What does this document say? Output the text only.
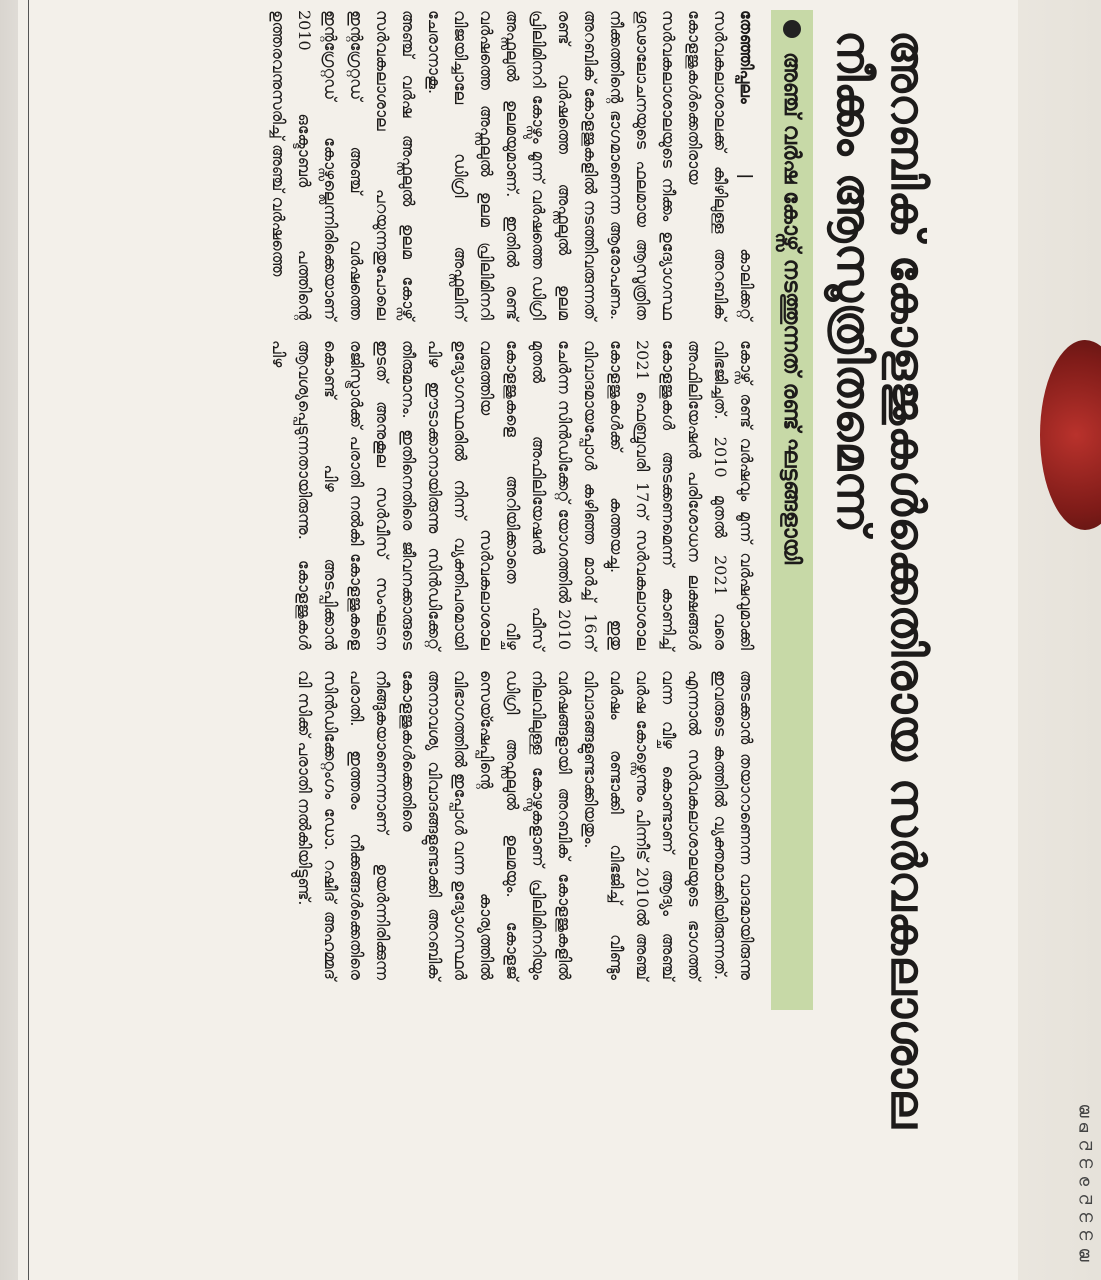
അറബിക് കോളജുകൾക്കെതിരായ സർവകലാശാല നീക്കം ആസൂത്രിതമെന്ന്
അഞ്ച് വർഷ കോഴ്സ് നടത്തുന്നത് രണ്ട് ഘട്ടങ്ങളായി

തേഞ്ഞിപ്പലം | കാലിക്കറ്റ് സർവകലാശാലക്ക് കീഴിലുള്ള അറബിക് കോളജുകൾക്കെതിരായ സർവകലാശാലയുടെ നീക്കം ഉദ്യോഗസ്ഥ ഗൂഢാലോചനയുടെ ഫലമായ ആസൂത്രിത നീക്കത്തിന്റെ ഭാഗമാണെന്ന ആരോപണം. അറബിക് കോളജുകളിൽ നടത്തിവരുന്നത് രണ്ട് വർഷത്തെ അഫ്സലുൽ ഉലമ പ്രിലിമിനറി കോഴ്സും മൂന്ന് വർഷത്തെ ഡിഗ്രി അഫ്സലുൽ ഉലമയുമാണ്. ഇതിൽ രണ്ട് വർഷത്തെ അഫ്സലുൽ ഉലമ പ്രിലിമിനറി വിജയിച്ചാലേ ഡിഗ്രി അഫ്സലിന് ചേരാനാകൂ.

അഞ്ച് വർഷ അഫ്സലുൽ ഉലമ കോഴ്സ് സർവകലാശാല പറയുന്നതുപോലെ ഇന്റഗ്രേറ്റഡ് അഞ്ച് വർഷത്തെ ഇന്റഗ്രേറ്റഡ് കോഴ്സല്ലെന്നിരിക്കെയാണ് 2010 ഒക്ടോബർ പത്തിന്റെ ഉത്തരവനുസരിച്ച് അഞ്ച് വർഷത്തെ

കോഴ്സ് രണ്ട് വർഷവും മൂന്ന് വർഷവുമാക്കി വിഭജിച്ചത്. 2010 മുതൽ 2021 വരെ അഫിലിയേഷൻ പരിശോധന ലക്ഷങ്ങൾ കോളജുകൾ അടക്കണമെന്ന് കാണിച്ച് 2021 ഫെബ്രുവരി 17ന് സർവകലാശാല കോളജുകൾക്ക് കത്തയച്ചു. ഇതു വിവാദമായപ്പോൾ കഴിഞ്ഞ മാർച്ച് 16ന് ചേർന്ന സിൻഡിക്കേറ്റ് യോഗത്തിൽ 2010 മുതൽ അഫിലിയേഷൻ ഫീസ് കോളജുകളെ അറിയിക്കാതെ വീഴ്ച വരുത്തിയ സർവകലാശാല ഉദ്യോഗസ്ഥരിൽ നിന്ന് വ്യക്തിപരമായി പിഴ ഈടാക്കാനായിരുന്നു സിൻഡിക്കേറ്റ് തീരുമാനം. ഇതിനെതിരെ ജീവനക്കാരുടെ ഇടത് അനുകൂല സർവീസ് സംഘടന രജിസ്ട്രാർക്ക് പരാതി നൽകി കോളജുകളെ കൊണ്ട് പിഴ അടപ്പിക്കാൻ ആവശ്യപ്പെടുന്നതായിരുന്നു. കോളജുകൾ പിഴ

അടക്കാൻ തയാറാണെന്ന വാദമായിരുന്നു ഇവരുടെ കത്തിൽ വ്യക്തമാക്കിയിരുന്നത്. എന്നാൽ സർവകലാശാലയുടെ ഭാഗത്ത് വന്ന വീഴ്ച കൊണ്ടാണ് ആദ്യം അഞ്ച് വർഷ കോഴ്സെന്നും പിന്നീട് 2010ൽ അഞ്ച് വർഷം രണ്ടാക്കി വിഭജിച്ച് വീണ്ടും വിവാദങ്ങളുണ്ടാക്കിയതും.

വർഷങ്ങളായി അറബിക് കോളജുകളിൽ നിലവിലുള്ള കോഴ്സുകളാണ് പ്രിലിമിനറിയും ഡിഗ്രി അഫ്സലുൽ ഉലമയും. കോളജ് സെയ്ഷേപ്പിന്റെ കാര്യത്തിൽ വിഭാഗത്തിൽ ഇപ്പോൾ വന്ന ഉദ്യോഗസ്ഥർ അനാവശ്യ വിവാദങ്ങളുണ്ടാക്കി അറബിക് കോളജുകൾക്കെതിരെ നീങ്ങുകയാണെന്നാണ് ഉയർന്നിരിക്കുന്ന പരാതി. ഇത്തരം നീക്കങ്ങൾക്കെതിരെ സിൻഡിക്കേറ്റംഗം ഡോ. റഷീദ് അഹമ്മദ് വി സിക്ക് പരാതി നൽകിയിട്ടുണ്ട്.

ള
മ
വ
ന
ര
വ
ന
ന
ള
